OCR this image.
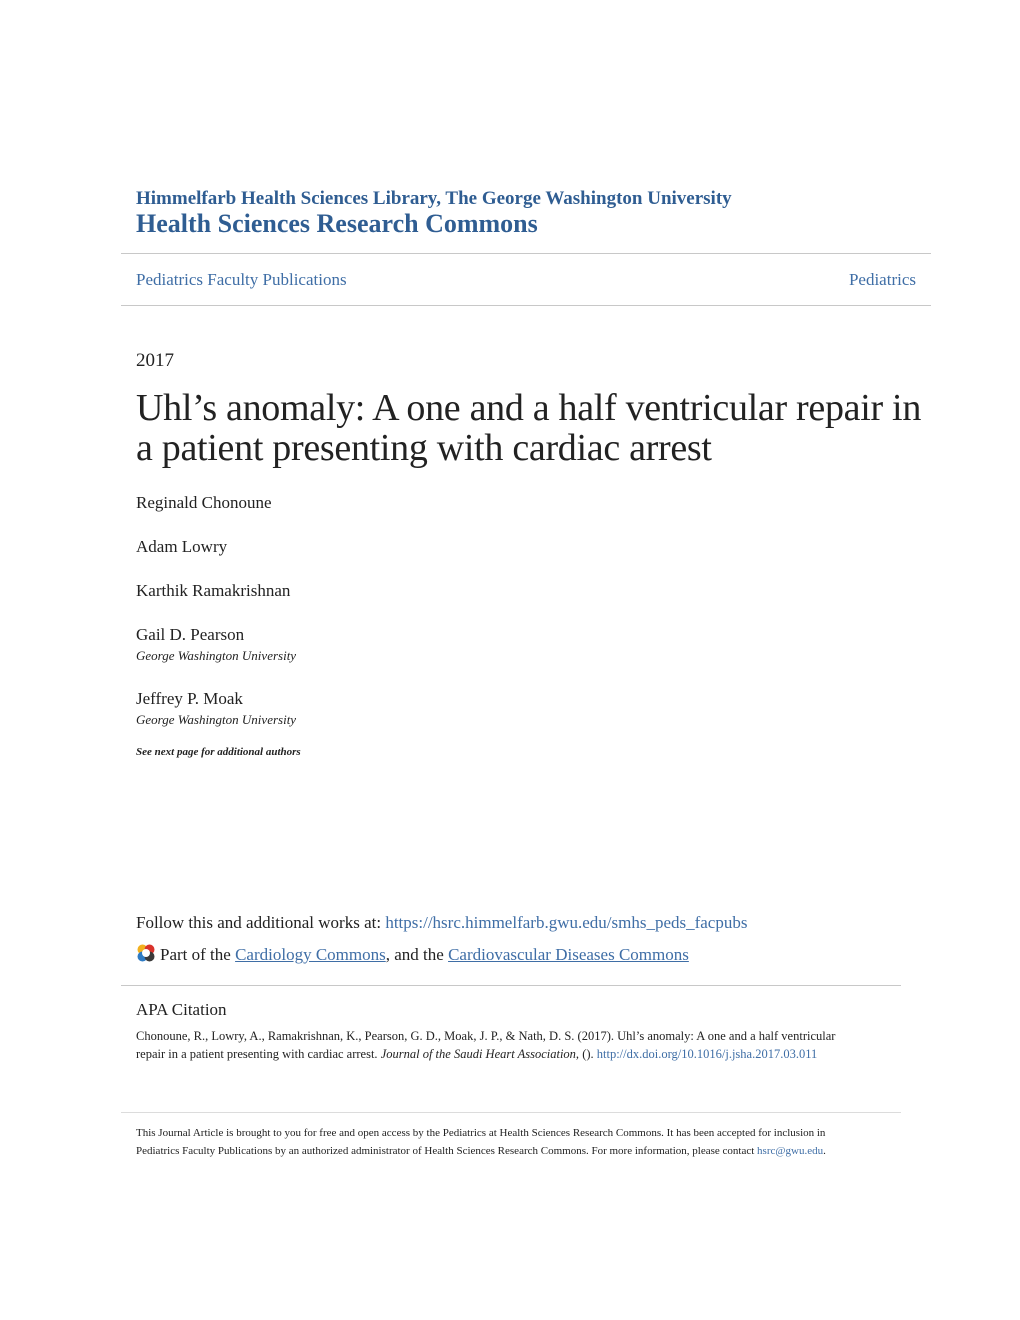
Himmelfarb Health Sciences Library, The George Washington University
Health Sciences Research Commons
Pediatrics Faculty Publications	Pediatrics
2017
Uhl’s anomaly: A one and a half ventricular repair in a patient presenting with cardiac arrest
Reginald Chonoune
Adam Lowry
Karthik Ramakrishnan
Gail D. Pearson
George Washington University
Jeffrey P. Moak
George Washington University
See next page for additional authors
Follow this and additional works at: https://hsrc.himmelfarb.gwu.edu/smhs_peds_facpubs
Part of the Cardiology Commons, and the Cardiovascular Diseases Commons
APA Citation
Chonoune, R., Lowry, A., Ramakrishnan, K., Pearson, G. D., Moak, J. P., & Nath, D. S. (2017). Uhl’s anomaly: A one and a half ventricular repair in a patient presenting with cardiac arrest. Journal of the Saudi Heart Association, (). http://dx.doi.org/10.1016/j.jsha.2017.03.011
This Journal Article is brought to you for free and open access by the Pediatrics at Health Sciences Research Commons. It has been accepted for inclusion in Pediatrics Faculty Publications by an authorized administrator of Health Sciences Research Commons. For more information, please contact hsrc@gwu.edu.
